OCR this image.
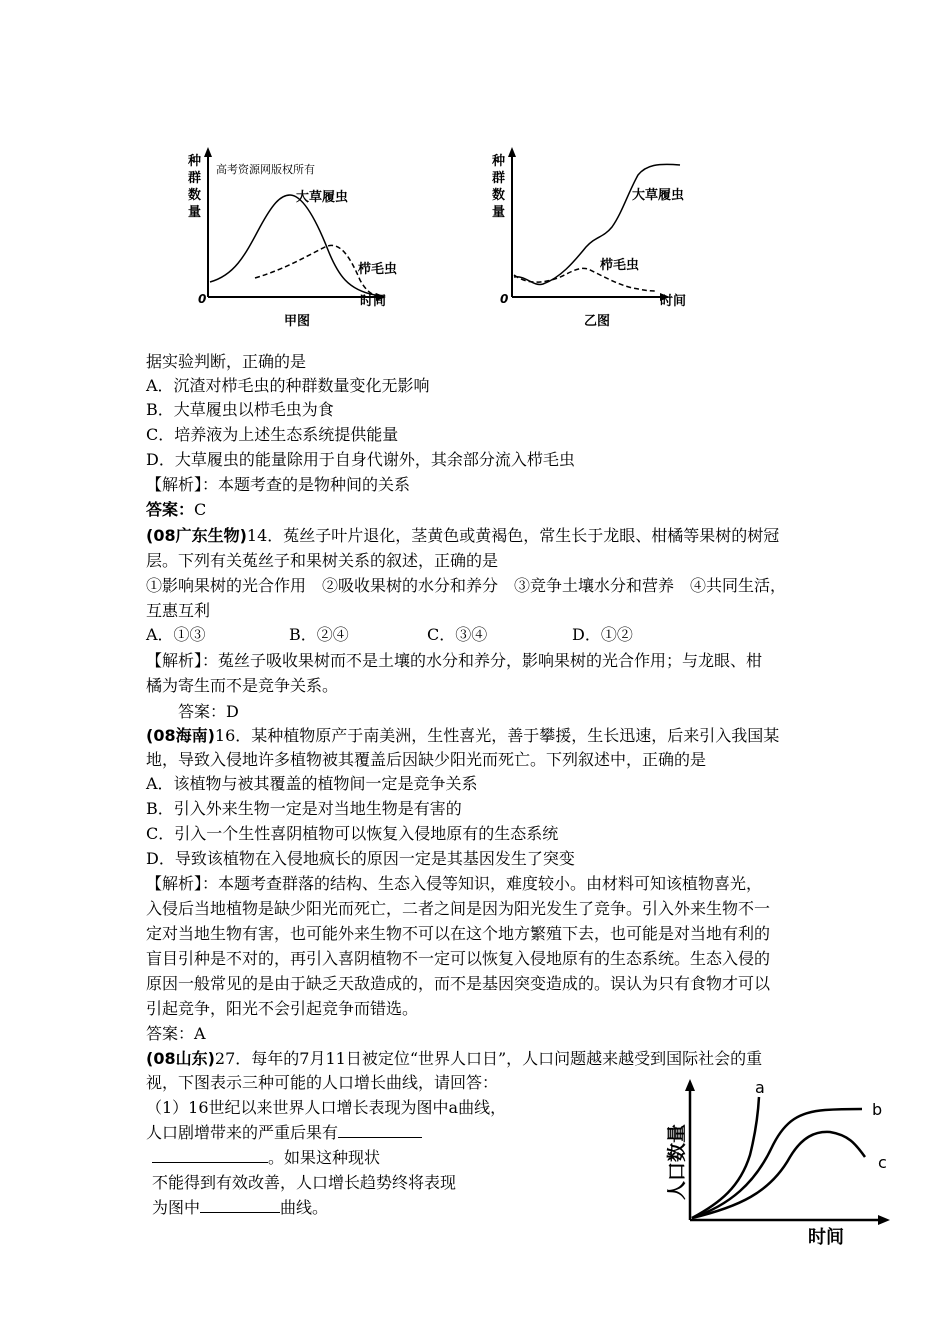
种
群
数
量
高考资源网版权所有
大草履虫
栉毛虫
0	时间
甲图
种
群
数
量
大草履虫
栉毛虫
0	时间
乙图
据实验判断，正确的是
A．沉渣对栉毛虫的种群数量变化无影响
B．大草履虫以栉毛虫为食
C．培养液为上述生态系统提供能量
D．大草履虫的能量除用于自身代谢外，其余部分流入栉毛虫
【解析】：本题考查的是物种间的关系
答案：C
(08广东生物)14．菟丝子叶片退化，茎黄色或黄褐色，常生长于龙眼、柑橘等果树的树冠
层。下列有关菟丝子和果树关系的叙述，正确的是
①影响果树的光合作用　②吸收果树的水分和养分　③竞争土壤水分和营养　④共同生活，
互惠互利
A．①③	B．②④	C．③④	D．①②
【解析】：菟丝子吸收果树而不是土壤的水分和养分，影响果树的光合作用；与龙眼、柑
橘为寄生而不是竞争关系。
答案：D
(08海南)16．某种植物原产于南美洲，生性喜光，善于攀援，生长迅速，后来引入我国某
地，导致入侵地许多植物被其覆盖后因缺少阳光而死亡。下列叙述中，正确的是
A．该植物与被其覆盖的植物间一定是竞争关系
B．引入外来生物一定是对当地生物是有害的
C．引入一个生性喜阴植物可以恢复入侵地原有的生态系统
D．导致该植物在入侵地疯长的原因一定是其基因发生了突变
【解析】：本题考查群落的结构、生态入侵等知识，难度较小。由材料可知该植物喜光，
入侵后当地植物是缺少阳光而死亡，二者之间是因为阳光发生了竞争。引入外来生物不一
定对当地生物有害，也可能外来生物不可以在这个地方繁殖下去，也可能是对当地有利的
盲目引种是不对的，再引入喜阴植物不一定可以恢复入侵地原有的生态系统。生态入侵的
原因一般常见的是由于缺乏天敌造成的，而不是基因突变造成的。误认为只有食物才可以
引起竞争，阳光不会引起竞争而错选。
答案：A
(08山东)27．每年的7月11日被定位“世界人口日”，人口问题越来越受到国际社会的重
视，下图表示三种可能的人口增长曲线，请回答：
（1）16世纪以来世界人口增长表现为图中a曲线，
人口剧增带来的严重后果有
。如果这种现状
不能得到有效改善，人口增长趋势终将表现
为图中	曲线。
人口数量
时间
a
b
c
